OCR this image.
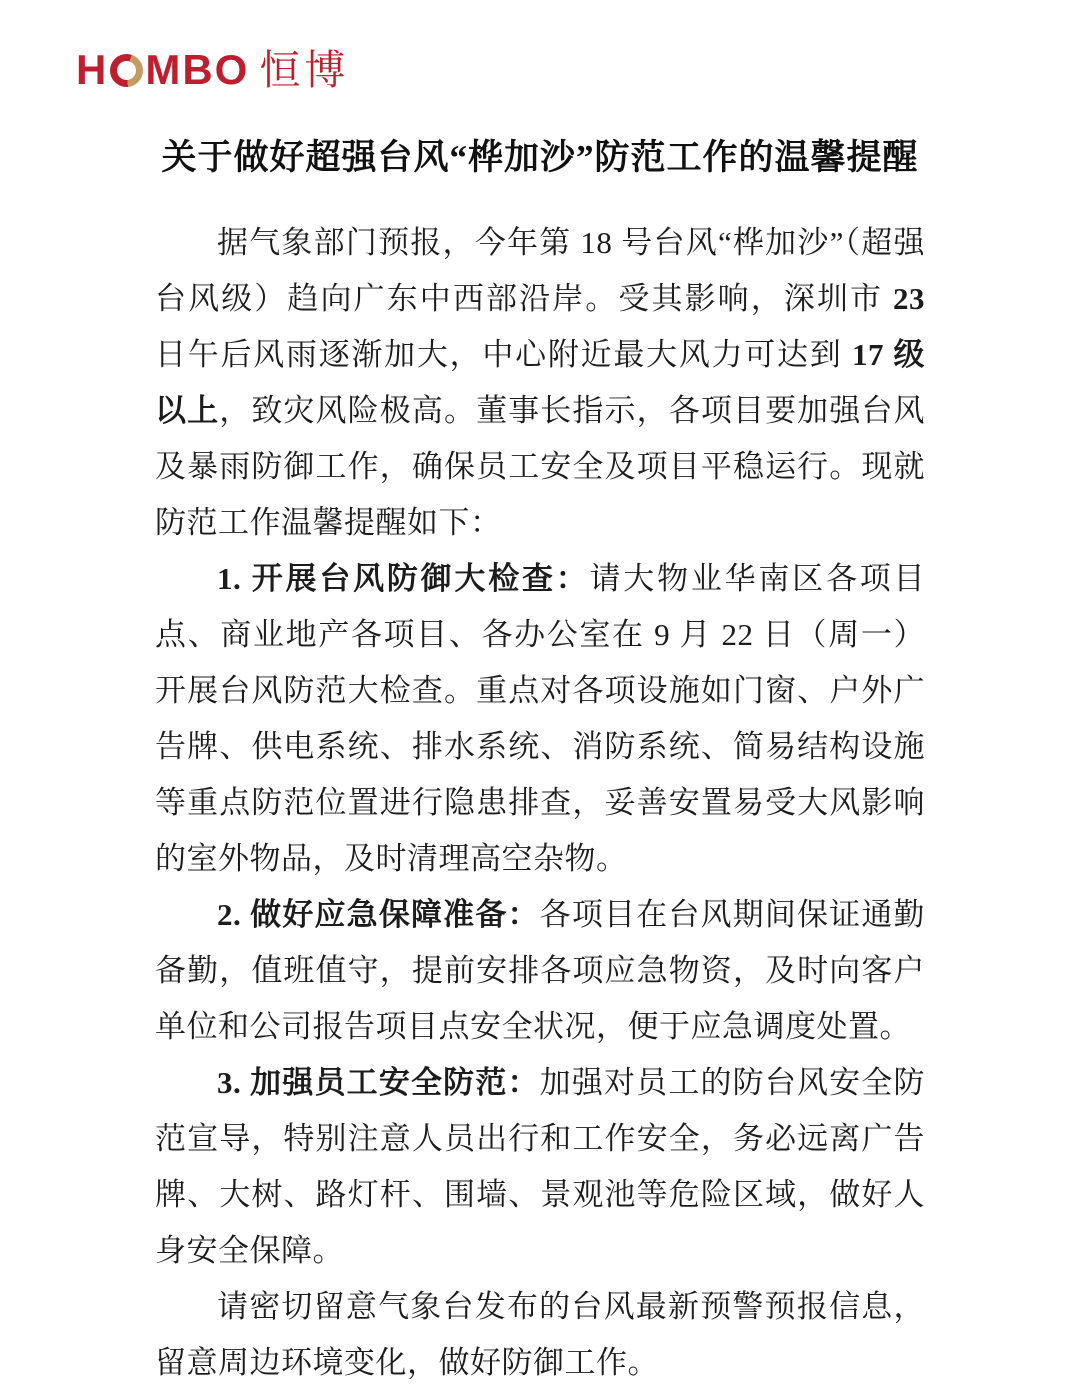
H MBO 恒博
关于做好超强台风“桦加沙”防范工作的温馨提醒

据气象部门预报，今年第 18 号台风“桦加沙”（超强台风级）趋向广东中西部沿岸。受其影响，深圳市 23 日午后风雨逐渐加大，中心附近最大风力可达到 17 级以上，致灾风险极高。董事长指示，各项目要加强台风及暴雨防御工作，确保员工安全及项目平稳运行。现就防范工作温馨提醒如下：

1. 开展台风防御大检查：请大物业华南区各项目点、商业地产各项目、各办公室在 9 月 22 日（周一）开展台风防范大检查。重点对各项设施如门窗、户外广告牌、供电系统、排水系统、消防系统、简易结构设施等重点防范位置进行隐患排查，妥善安置易受大风影响的室外物品，及时清理高空杂物。

2. 做好应急保障准备：各项目在台风期间保证通勤备勤，值班值守，提前安排各项应急物资，及时向客户单位和公司报告项目点安全状况，便于应急调度处置。

3. 加强员工安全防范：加强对员工的防台风安全防范宣导，特别注意人员出行和工作安全，务必远离广告牌、大树、路灯杆、围墙、景观池等危险区域，做好人身安全保障。

请密切留意气象台发布的台风最新预警预报信息，留意周边环境变化，做好防御工作。
